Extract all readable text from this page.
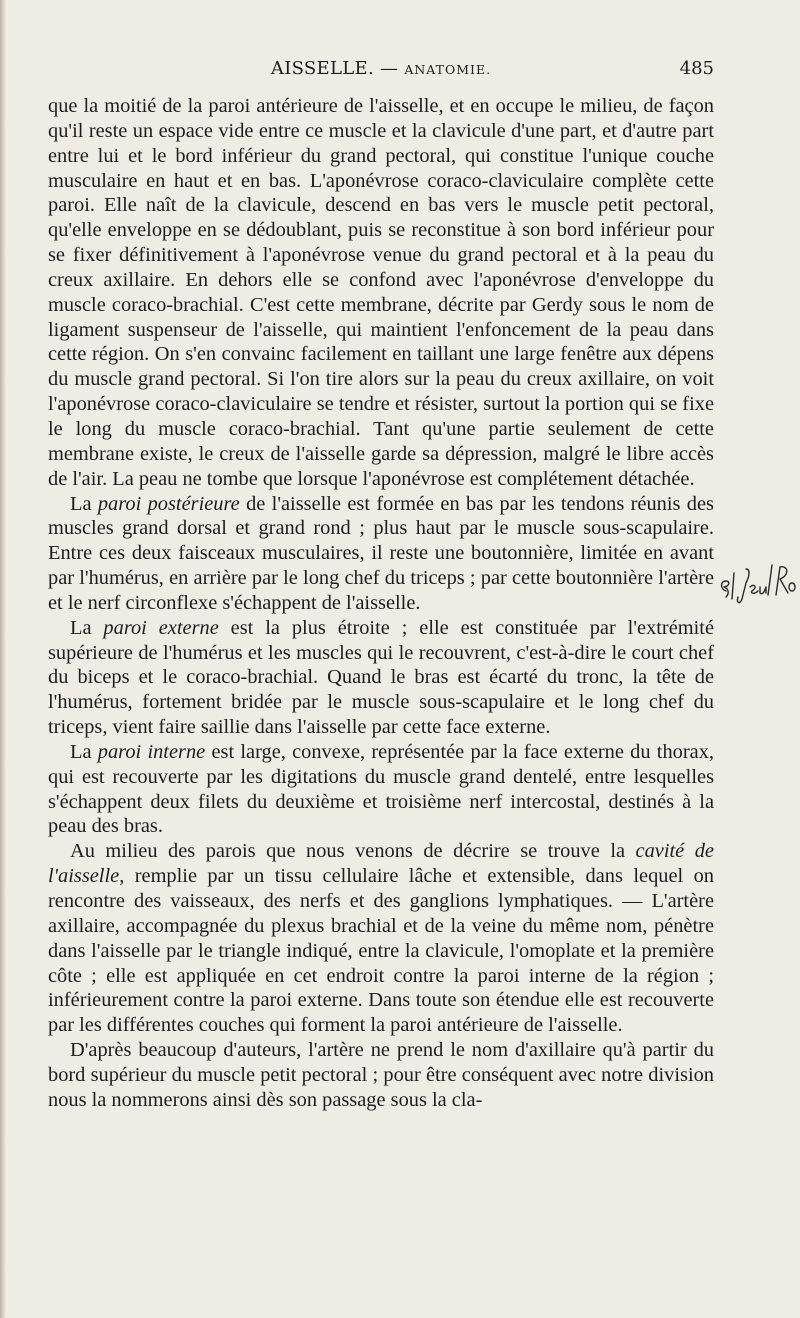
AISSELLE. — ANATOMIE.	485

que la moitié de la paroi antérieure de l'aisselle, et en occupe le milieu, de façon qu'il reste un espace vide entre ce muscle et la clavicule d'une part, et d'autre part entre lui et le bord inférieur du grand pectoral, qui constitue l'unique couche musculaire en haut et en bas. L'aponévrose coraco-claviculaire complète cette paroi. Elle naît de la clavicule, descend en bas vers le muscle petit pectoral, qu'elle enveloppe en se dédoublant, puis se reconstitue à son bord inférieur pour se fixer définitivement à l'aponévrose venue du grand pectoral et à la peau du creux axillaire. En dehors elle se confond avec l'aponévrose d'enveloppe du muscle coraco-brachial. C'est cette membrane, décrite par Gerdy sous le nom de ligament suspenseur de l'aisselle, qui maintient l'enfoncement de la peau dans cette région. On s'en convainc facilement en taillant une large fenêtre aux dépens du muscle grand pectoral. Si l'on tire alors sur la peau du creux axillaire, on voit l'aponévrose coraco-claviculaire se tendre et résister, surtout la portion qui se fixe le long du muscle coraco-brachial. Tant qu'une partie seulement de cette membrane existe, le creux de l'aisselle garde sa dépression, malgré le libre accès de l'air. La peau ne tombe que lorsque l'aponévrose est complétement détachée.

La paroi postérieure de l'aisselle est formée en bas par les tendons réunis des muscles grand dorsal et grand rond ; plus haut par le muscle sous-scapulaire. Entre ces deux faisceaux musculaires, il reste une boutonnière, limitée en avant par l'humérus, en arrière par le long chef du triceps ; par cette boutonnière l'artère et le nerf circonflexe s'échappent de l'aisselle.

La paroi externe est la plus étroite ; elle est constituée par l'extrémité supérieure de l'humérus et les muscles qui le recouvrent, c'est-à-dire le court chef du biceps et le coraco-brachial. Quand le bras est écarté du tronc, la tête de l'humérus, fortement bridée par le muscle sous-scapulaire et le long chef du triceps, vient faire saillie dans l'aisselle par cette face externe.

La paroi interne est large, convexe, représentée par la face externe du thorax, qui est recouverte par les digitations du muscle grand dentelé, entre lesquelles s'échappent deux filets du deuxième et troisième nerf intercostal, destinés à la peau des bras.

Au milieu des parois que nous venons de décrire se trouve la cavité de l'aisselle, remplie par un tissu cellulaire lâche et extensible, dans lequel on rencontre des vaisseaux, des nerfs et des ganglions lymphatiques. — L'artère axillaire, accompagnée du plexus brachial et de la veine du même nom, pénètre dans l'aisselle par le triangle indiqué, entre la clavicule, l'omoplate et la première côte ; elle est appliquée en cet endroit contre la paroi interne de la région ; inférieurement contre la paroi externe. Dans toute son étendue elle est recouverte par les différentes couches qui forment la paroi antérieure de l'aisselle.

D'après beaucoup d'auteurs, l'artère ne prend le nom d'axillaire qu'à partir du bord supérieur du muscle petit pectoral ; pour être conséquent avec notre division nous la nommerons ainsi dès son passage sous la cla-
